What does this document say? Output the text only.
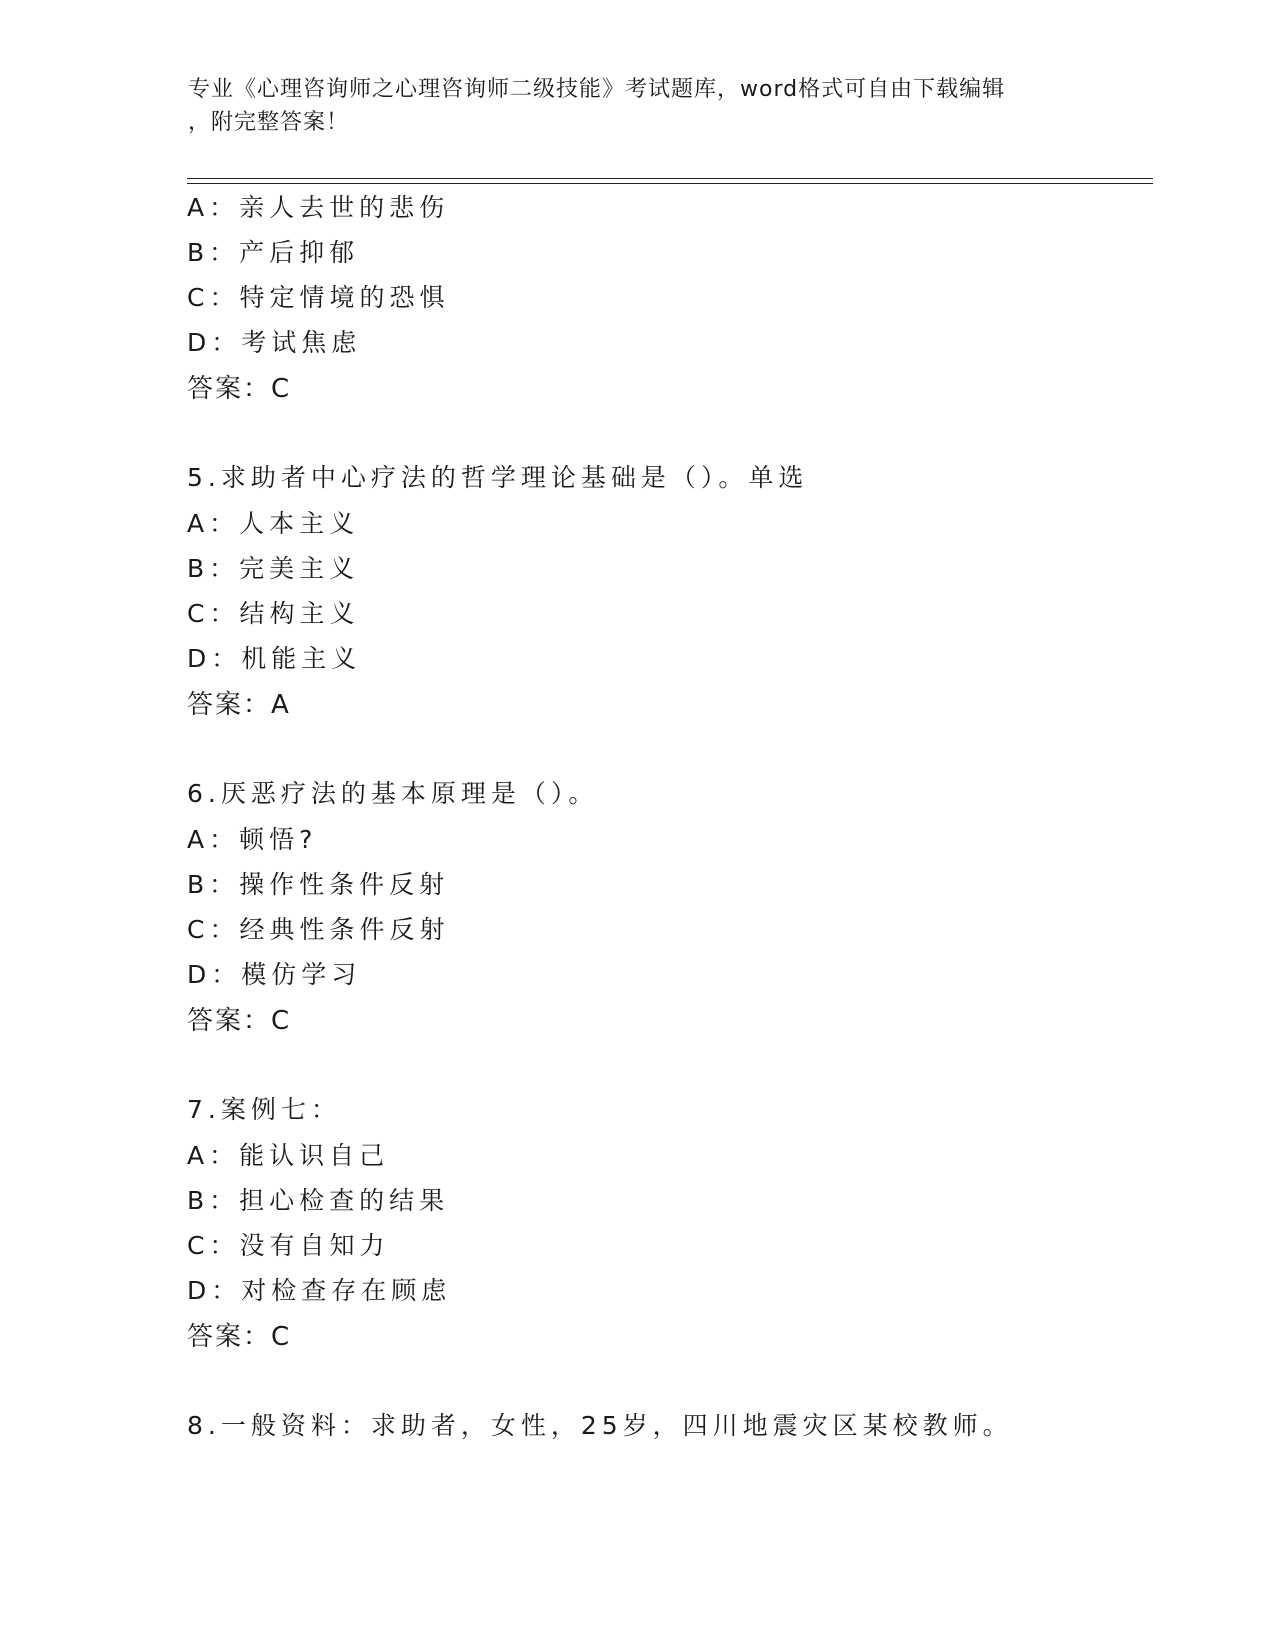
专业《心理咨询师之心理咨询师二级技能》考试题库，word格式可自由下载编辑
，附完整答案！
A：亲人去世的悲伤
B：产后抑郁
C：特定情境的恐惧
D：考试焦虑
答案：C
5.求助者中心疗法的哲学理论基础是（）。单选
A：人本主义
B：完美主义
C：结构主义
D：机能主义
答案：A
6.厌恶疗法的基本原理是（）。
A：顿悟?
B：操作性条件反射
C：经典性条件反射
D：模仿学习
答案：C
7.案例七：
A：能认识自己
B：担心检查的结果
C：没有自知力
D：对检查存在顾虑
答案：C
8.一般资料：求助者，女性，25岁，四川地震灾区某校教师。
